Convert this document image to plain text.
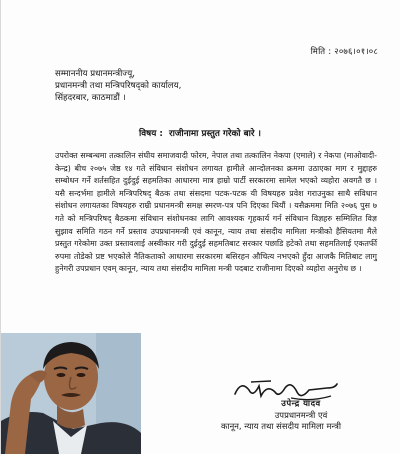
मिति : २०७६।०१।०८
सम्माननीय प्रधानमन्त्रीज्यू,
प्रधानमन्त्री तथा मन्त्रिपरिषद्को कार्यालय,
सिंहदरबार, काठमाडौं ।
विषय : राजीनामा प्रस्तुत गरेको बारे ।
उपरोक्त सम्बन्धमा तत्कालिन संघीय समाजवादी फोरम, नेपाल तथा तत्कालिन नेकपा (एमाले) र नेकपा (माओवादी-केन्द्र) बीच २०७५ जेष्ठ १४ गते संविधान संशोधन लगायत हामीले आन्दोलनका क्रममा उठाएका माग र मुद्दाहरु सम्बोधन गर्ने शर्तसहित दुईदुई सहमतिका आधारमा मात्र हाम्रो पार्टी सरकारमा सामेल भएको व्यहोरा अवगतै छ । यसै सन्दर्भमा हामीले मन्त्रिपरिषद् बैठक तथा संसदमा पटक-पटक यी विषयहरु प्रवेश गराउनुका साथै सविधान संशोधन लगायतका विषयहरु राम्री प्रधानमन्त्री समक्ष स्मरण-पत्र पनि दिएका थियौं । यसैक्रममा मिति २०७६ पुस ७ गते को मन्त्रिपरिषद् बैठकमा संविधान संशोधनका लागि आवश्यक गृहकार्य गर्न संविधान विज्ञहरु सम्मिलित विज्ञ सुझाव समिति गठन गर्ने प्रस्ताव उपप्रधानमन्त्री एवं कानून, न्याय तथा संसदीय मामिला मन्त्रीको हैसियतमा मैले प्रस्तुत गरेकोमा उक्त प्रस्तावलाई अस्वीकार गरी दुईदुई सहमतिबाट सरकार पछाडि हटेको तथा सहमतिलाई एकतर्फी रुपमा तोडेको प्रष्ट भएकोले नैतिकताको आधारमा सरकारमा बसिरहन औचित्य नभएको हुँदा आजकै मितिबाट लागु हुनेगरी उपप्रधान एवम् कानून, न्याय तथा संसदीय मामिला मन्त्री पदबाट राजीनामा दिएको व्यहोरा अनुरोध छ ।
उपेन्द्र यादव
उपप्रधानमन्त्री एवं
कानून, न्याय तथा संसदीय मामिला मन्त्री
